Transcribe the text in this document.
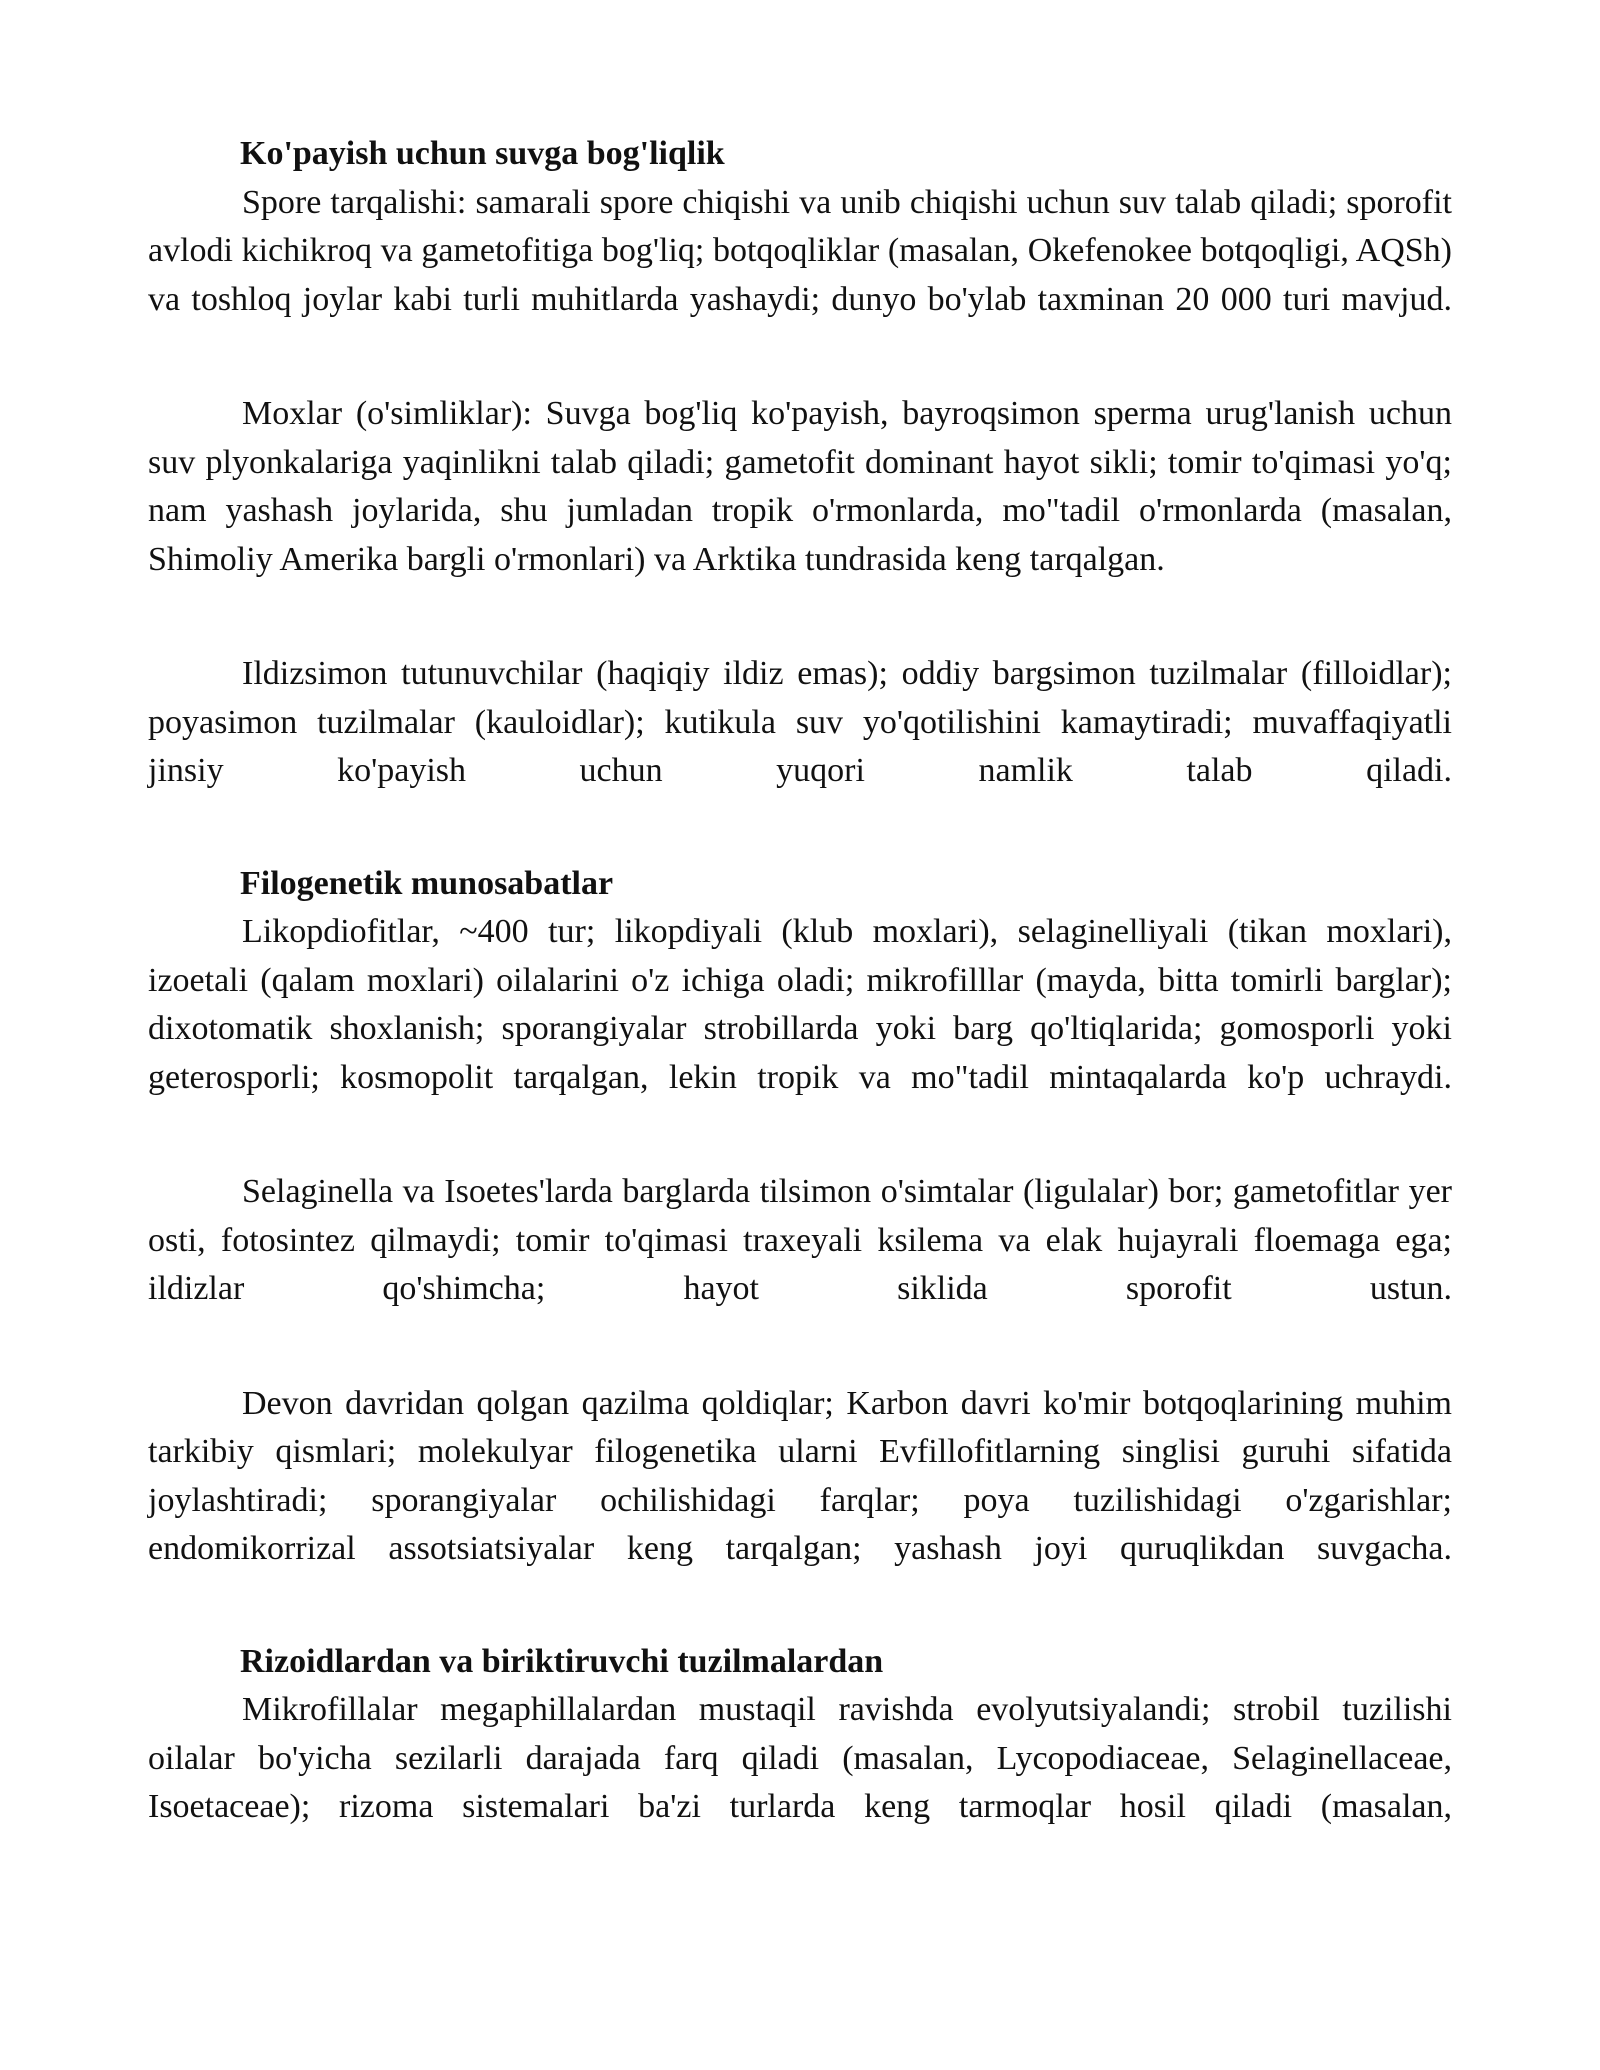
Ko'payish uchun suvga bog'liqlik

Spore tarqalishi: samarali spore chiqishi va unib chiqishi uchun suv talab qiladi; sporofit avlodi kichikroq va gametofitiga bog'liq; botqoqliklar (masalan, Okefenokee botqoqligi, AQSh) va toshloq joylar kabi turli muhitlarda yashaydi; dunyo bo'ylab taxminan 20 000 turi mavjud.

Moxlar (o'simliklar): Suvga bog'liq ko'payish, bayroqsimon sperma urug'lanish uchun suv plyonkalariga yaqinlikni talab qiladi; gametofit dominant hayot sikli; tomir to'qimasi yo'q; nam yashash joylarida, shu jumladan tropik o'rmonlarda, mo"tadil o'rmonlarda (masalan, Shimoliy Amerika bargli o'rmonlari) va Arktika tundrasida keng tarqalgan.

Ildizsimon tutunuvchilar (haqiqiy ildiz emas); oddiy bargsimon tuzilmalar (filloidlar); poyasimon tuzilmalar (kauloidlar); kutikula suv yo'qotilishini kamaytiradi; muvaffaqiyatli jinsiy ko'payish uchun yuqori namlik talab qiladi.

Filogenetik munosabatlar

Likopdiofitlar, ~400 tur; likopdiyali (klub moxlari), selaginelliyali (tikan moxlari), izoetali (qalam moxlari) oilalarini o'z ichiga oladi; mikrofilllar (mayda, bitta tomirli barglar); dixotomatik shoxlanish; sporangiyalar strobillarda yoki barg qo'ltiqlarida; gomosporli yoki geterosporli; kosmopolit tarqalgan, lekin tropik va mo"tadil mintaqalarda ko'p uchraydi.

Selaginella va Isoetes'larda barglarda tilsimon o'simtalar (ligulalar) bor; gametofitlar yer osti, fotosintez qilmaydi; tomir to'qimasi traxeyali ksilema va elak hujayrali floemaga ega; ildizlar qo'shimcha; hayot siklida sporofit ustun.

Devon davridan qolgan qazilma qoldiqlar; Karbon davri ko'mir botqoqlarining muhim tarkibiy qismlari; molekulyar filogenetika ularni Evfillofitlarning singlisi guruhi sifatida joylashtiradi; sporangiyalar ochilishidagi farqlar; poya tuzilishidagi o'zgarishlar; endomikorrizal assotsiatsiyalar keng tarqalgan; yashash joyi quruqlikdan suvgacha.

Rizoidlardan va biriktiruvchi tuzilmalardan

Mikrofillalar megaphillalardan mustaqil ravishda evolyutsiyalandi; strobil tuzilishi oilalar bo'yicha sezilarli darajada farq qiladi (masalan, Lycopodiaceae, Selaginellaceae, Isoetaceae); rizoma sistemalari ba'zi turlarda keng tarmoqlar hosil qiladi (masalan,
